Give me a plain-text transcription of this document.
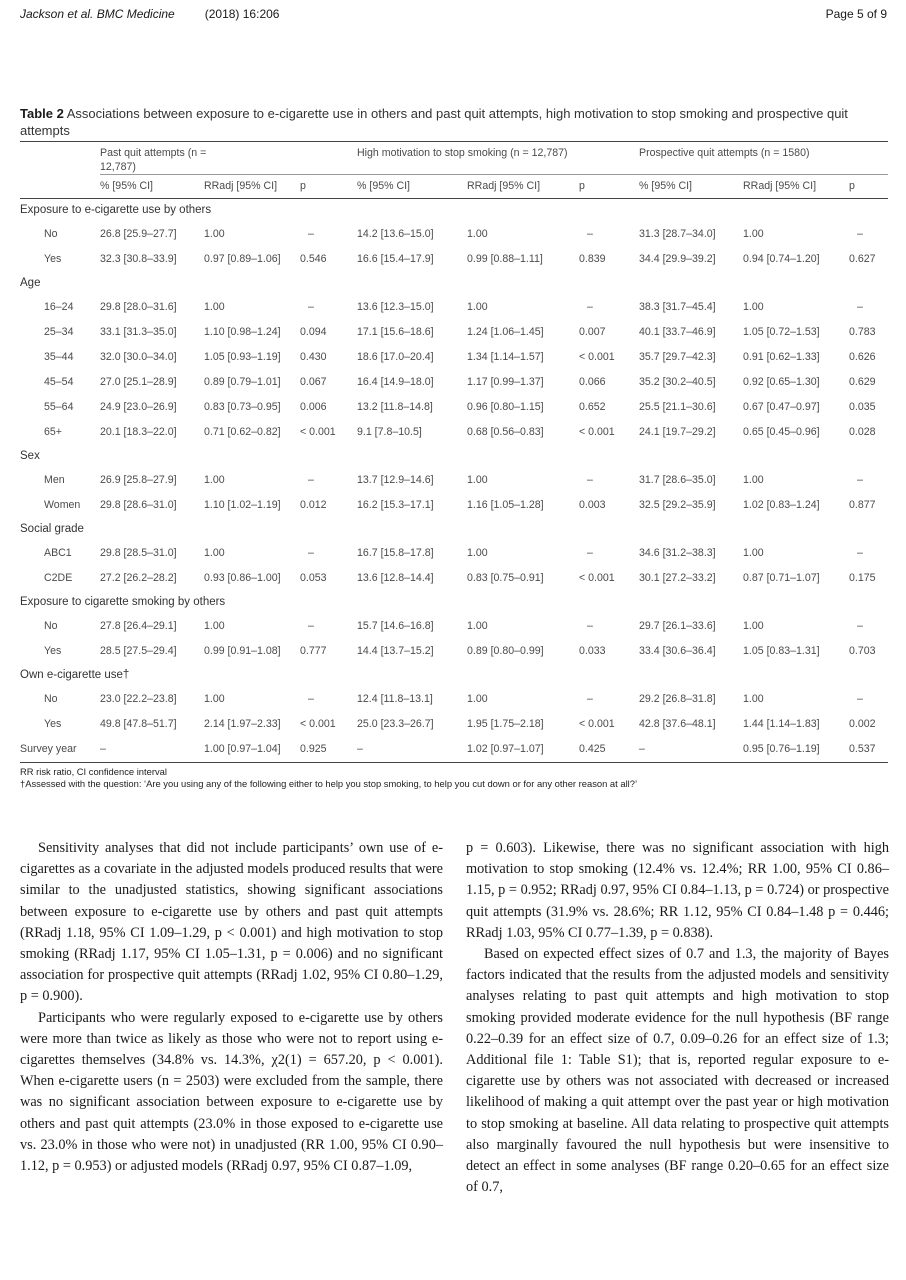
Jackson et al. BMC Medicine	(2018) 16:206	Page 5 of 9
Table 2 Associations between exposure to e-cigarette use in others and past quit attempts, high motivation to stop smoking and prospective quit attempts

	Past quit attempts (n = 12,787)			High motivation to stop smoking (n = 12,787)			Prospective quit attempts (n = 1580)		
	% [95% CI]	RRadj [95% CI]	p	% [95% CI]	RRadj [95% CI]	p	% [95% CI]	RRadj [95% CI]	p
Exposure to e-cigarette use by others									
No	26.8 [25.9–27.7]	1.00	–	14.2 [13.6–15.0]	1.00	–	31.3 [28.7–34.0]	1.00	–
Yes	32.3 [30.8–33.9]	0.97 [0.89–1.06]	0.546	16.6 [15.4–17.9]	0.99 [0.88–1.11]	0.839	34.4 [29.9–39.2]	0.94 [0.74–1.20]	0.627
Age									
16–24	29.8 [28.0–31.6]	1.00	–	13.6 [12.3–15.0]	1.00	–	38.3 [31.7–45.4]	1.00	–
25–34	33.1 [31.3–35.0]	1.10 [0.98–1.24]	0.094	17.1 [15.6–18.6]	1.24 [1.06–1.45]	0.007	40.1 [33.7–46.9]	1.05 [0.72–1.53]	0.783
35–44	32.0 [30.0–34.0]	1.05 [0.93–1.19]	0.430	18.6 [17.0–20.4]	1.34 [1.14–1.57]	< 0.001	35.7 [29.7–42.3]	0.91 [0.62–1.33]	0.626
45–54	27.0 [25.1–28.9]	0.89 [0.79–1.01]	0.067	16.4 [14.9–18.0]	1.17 [0.99–1.37]	0.066	35.2 [30.2–40.5]	0.92 [0.65–1.30]	0.629
55–64	24.9 [23.0–26.9]	0.83 [0.73–0.95]	0.006	13.2 [11.8–14.8]	0.96 [0.80–1.15]	0.652	25.5 [21.1–30.6]	0.67 [0.47–0.97]	0.035
65+	20.1 [18.3–22.0]	0.71 [0.62–0.82]	< 0.001	9.1 [7.8–10.5]	0.68 [0.56–0.83]	< 0.001	24.1 [19.7–29.2]	0.65 [0.45–0.96]	0.028
Sex									
Men	26.9 [25.8–27.9]	1.00	–	13.7 [12.9–14.6]	1.00	–	31.7 [28.6–35.0]	1.00	–
Women	29.8 [28.6–31.0]	1.10 [1.02–1.19]	0.012	16.2 [15.3–17.1]	1.16 [1.05–1.28]	0.003	32.5 [29.2–35.9]	1.02 [0.83–1.24]	0.877
Social grade									
ABC1	29.8 [28.5–31.0]	1.00	–	16.7 [15.8–17.8]	1.00	–	34.6 [31.2–38.3]	1.00	–
C2DE	27.2 [26.2–28.2]	0.93 [0.86–1.00]	0.053	13.6 [12.8–14.4]	0.83 [0.75–0.91]	< 0.001	30.1 [27.2–33.2]	0.87 [0.71–1.07]	0.175
Exposure to cigarette smoking by others									
No	27.8 [26.4–29.1]	1.00	–	15.7 [14.6–16.8]	1.00	–	29.7 [26.1–33.6]	1.00	–
Yes	28.5 [27.5–29.4]	0.99 [0.91–1.08]	0.777	14.4 [13.7–15.2]	0.89 [0.80–0.99]	0.033	33.4 [30.6–36.4]	1.05 [0.83–1.31]	0.703
Own e-cigarette use†									
No	23.0 [22.2–23.8]	1.00	–	12.4 [11.8–13.1]	1.00	–	29.2 [26.8–31.8]	1.00	–
Yes	49.8 [47.8–51.7]	2.14 [1.97–2.33]	< 0.001	25.0 [23.3–26.7]	1.95 [1.75–2.18]	< 0.001	42.8 [37.6–48.1]	1.44 [1.14–1.83]	0.002
Survey year	–	1.00 [0.97–1.04]	0.925	–	1.02 [0.97–1.07]	0.425	–	0.95 [0.76–1.19]	0.537
RR risk ratio, CI confidence interval
†Assessed with the question: ‘Are you using any of the following either to help you stop smoking, to help you cut down or for any other reason at all?’

Sensitivity analyses that did not include participants’ own use of e-cigarettes as a covariate in the adjusted models produced results that were similar to the unadjusted statistics, showing significant associations between exposure to e-cigarette use by others and past quit attempts (RRadj 1.18, 95% CI 1.09–1.29, p < 0.001) and high motivation to stop smoking (RRadj 1.17, 95% CI 1.05–1.31, p = 0.006) and no significant association for prospective quit attempts (RRadj 1.02, 95% CI 0.80–1.29, p = 0.900).

Participants who were regularly exposed to e-cigarette use by others were more than twice as likely as those who were not to report using e-cigarettes themselves (34.8% vs. 14.3%, χ2(1) = 657.20, p < 0.001). When e-cigarette users (n = 2503) were excluded from the sample, there was no significant association between exposure to e-cigarette use by others and past quit attempts (23.0% in those exposed to e-cigarette use vs. 23.0% in those who were not) in unadjusted (RR 1.00, 95% CI 0.90–1.12, p = 0.953) or adjusted models (RRadj 0.97, 95% CI 0.87–1.09,

p = 0.603). Likewise, there was no significant association with high motivation to stop smoking (12.4% vs. 12.4%; RR 1.00, 95% CI 0.86–1.15, p = 0.952; RRadj 0.97, 95% CI 0.84–1.13, p = 0.724) or prospective quit attempts (31.9% vs. 28.6%; RR 1.12, 95% CI 0.84–1.48 p = 0.446; RRadj 1.03, 95% CI 0.77–1.39, p = 0.838).

Based on expected effect sizes of 0.7 and 1.3, the majority of Bayes factors indicated that the results from the adjusted models and sensitivity analyses relating to past quit attempts and high motivation to stop smoking provided moderate evidence for the null hypothesis (BF range 0.22–0.39 for an effect size of 0.7, 0.09–0.26 for an effect size of 1.3; Additional file 1: Table S1); that is, reported regular exposure to e-cigarette use by others was not associated with decreased or increased likelihood of making a quit attempt over the past year or high motivation to stop smoking at baseline. All data relating to prospective quit attempts also marginally favoured the null hypothesis but were insensitive to detect an effect in some analyses (BF range 0.20–0.65 for an effect size of 0.7,
